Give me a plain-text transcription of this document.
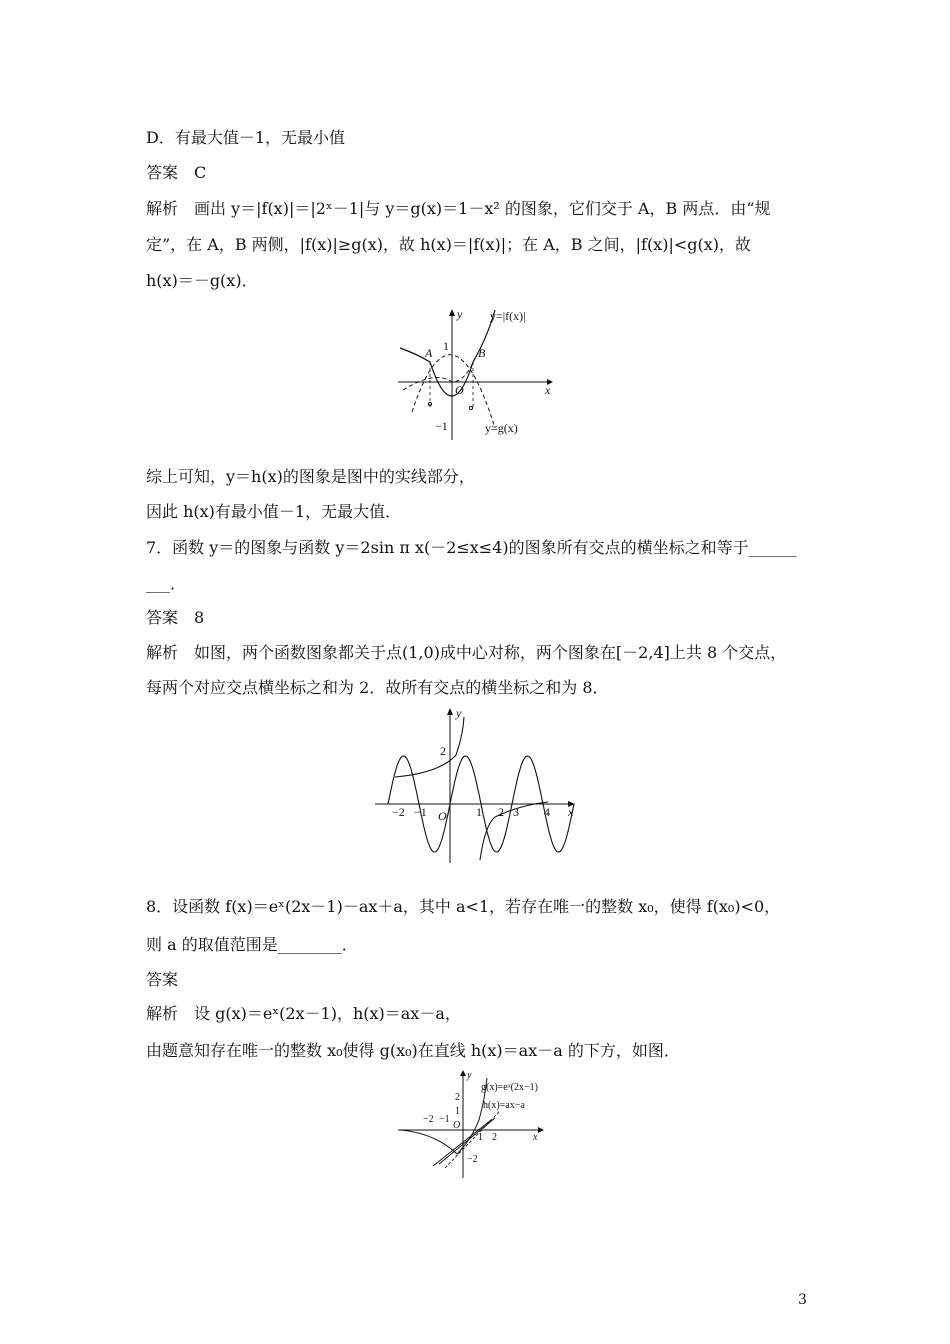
D．有最大值－1，无最小值
答案　C
解析　画出 y＝|f(x)|＝|2ˣ－1|与 y＝g(x)＝1－x² 的图象，它们交于 A，B 两点．由“规
定”，在 A，B 两侧，|f(x)|≥g(x)，故 h(x)＝|f(x)|；在 A，B 之间，|f(x)|<g(x)，故
h(x)＝－g(x)．
y
x
O
1
−1
A	B
y=|f(x)|
y=g(x)
综上可知，y＝h(x)的图象是图中的实线部分，
因此 h(x)有最小值－1，无最大值．
7．函数 y＝的图象与函数 y＝2sin π x(－2≤x≤4)的图象所有交点的横坐标之和等于______
___．
答案　8
解析　如图，两个函数图象都关于点(1,0)成中心对称，两个图象在[－2,4]上共 8 个交点，
每两个对应交点横坐标之和为 2．故所有交点的横坐标之和为 8．
y
x
O
2
−2 −1	1 2 3 4
8．设函数 f(x)＝eˣ(2x－1)－ax＋a，其中 a<1，若存在唯一的整数 x₀，使得 f(x₀)<0，
则 a 的取值范围是________．
答案
解析　设 g(x)＝eˣ(2x－1)，h(x)＝ax－a，
由题意知存在唯一的整数 x₀使得 g(x₀)在直线 h(x)＝ax－a 的下方，如图．
y
x
O
2
1
−2
−2 −1
1 2
g(x)=eˣ(2x−1)
h(x)=ax−a
3
